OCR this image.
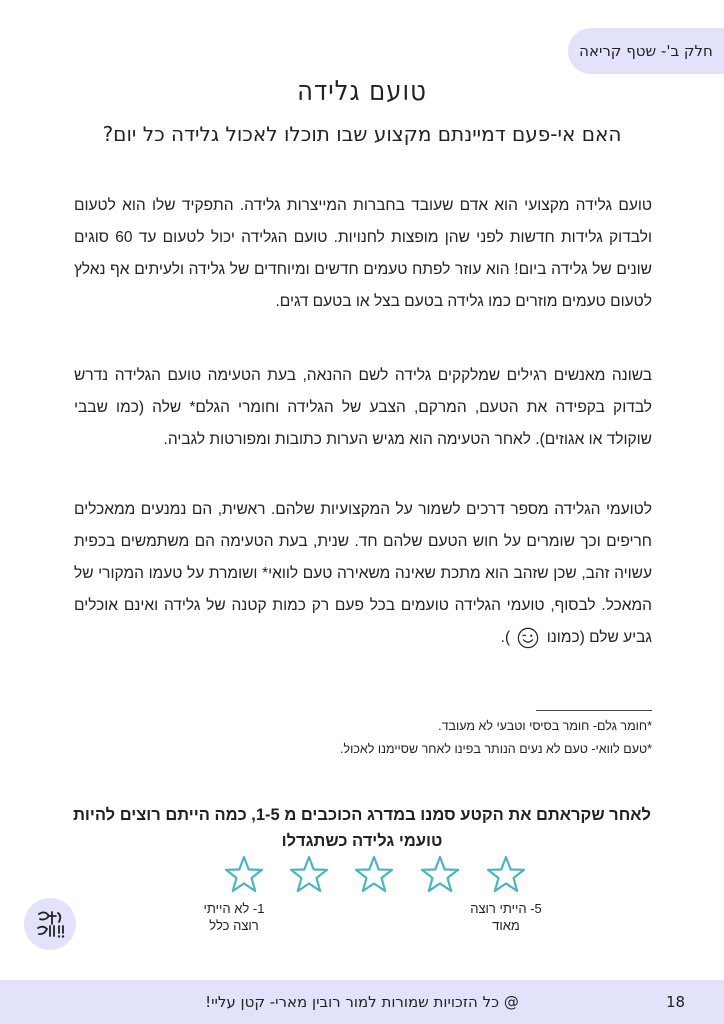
חלק ב'- שטף קריאה
טועם גלידה
האם אי-פעם דמיינתם מקצוע שבו תוכלו לאכול גלידה כל יום?
טועם גלידה מקצועי הוא אדם שעובד בחברות המייצרות גלידה. התפקיד שלו הוא לטעום ולבדוק גלידות חדשות לפני שהן מופצות לחנויות. טועם הגלידה יכול לטעום עד 60 סוגים שונים של גלידה ביום! הוא עוזר לפתח טעמים חדשים ומיוחדים של גלידה ולעיתים אף נאלץ לטעום טעמים מוזרים כמו גלידה בטעם בצל או בטעם דגים.
בשונה מאנשים רגילים שמלקקים גלידה לשם ההנאה, בעת הטעימה טועם הגלידה נדרש לבדוק בקפידה את הטעם, המרקם, הצבע של הגלידה וחומרי הגלם* שלה (כמו שבבי שוקולד או אגוזים). לאחר הטעימה הוא מגיש הערות כתובות ומפורטות לגביה.
לטועמי הגלידה מספר דרכים לשמור על המקצועיות שלהם. ראשית, הם נמנעים ממאכלים חריפים וכך שומרים על חוש הטעם שלהם חד. שנית, בעת הטעימה הם משתמשים בכפית עשויה זהב, שכן שזהב הוא מתכת שאינה משאירה טעם לוואי* ושומרת על טעמו המקורי של המאכל. לבסוף, טועמי הגלידה טועמים בכל פעם רק כמות קטנה של גלידה ואינם אוכלים גביע שלם (כמונו  ).
*חומר גלם- חומר בסיסי וטבעי לא מעובד.
*טעם לוואי- טעם לא נעים הנותר בפינו לאחר שסיימנו לאכול.
לאחר שקראתם את הקטע סמנו במדרג הכוכבים מ 1-5, כמה הייתם רוצים להיות טועמי גלידה כשתגדלו
5- הייתי רוצה מאוד
1- לא הייתי רוצה כלל
@ כל הזכויות שמורות למור רובין מארי- קטן עליי!	18
